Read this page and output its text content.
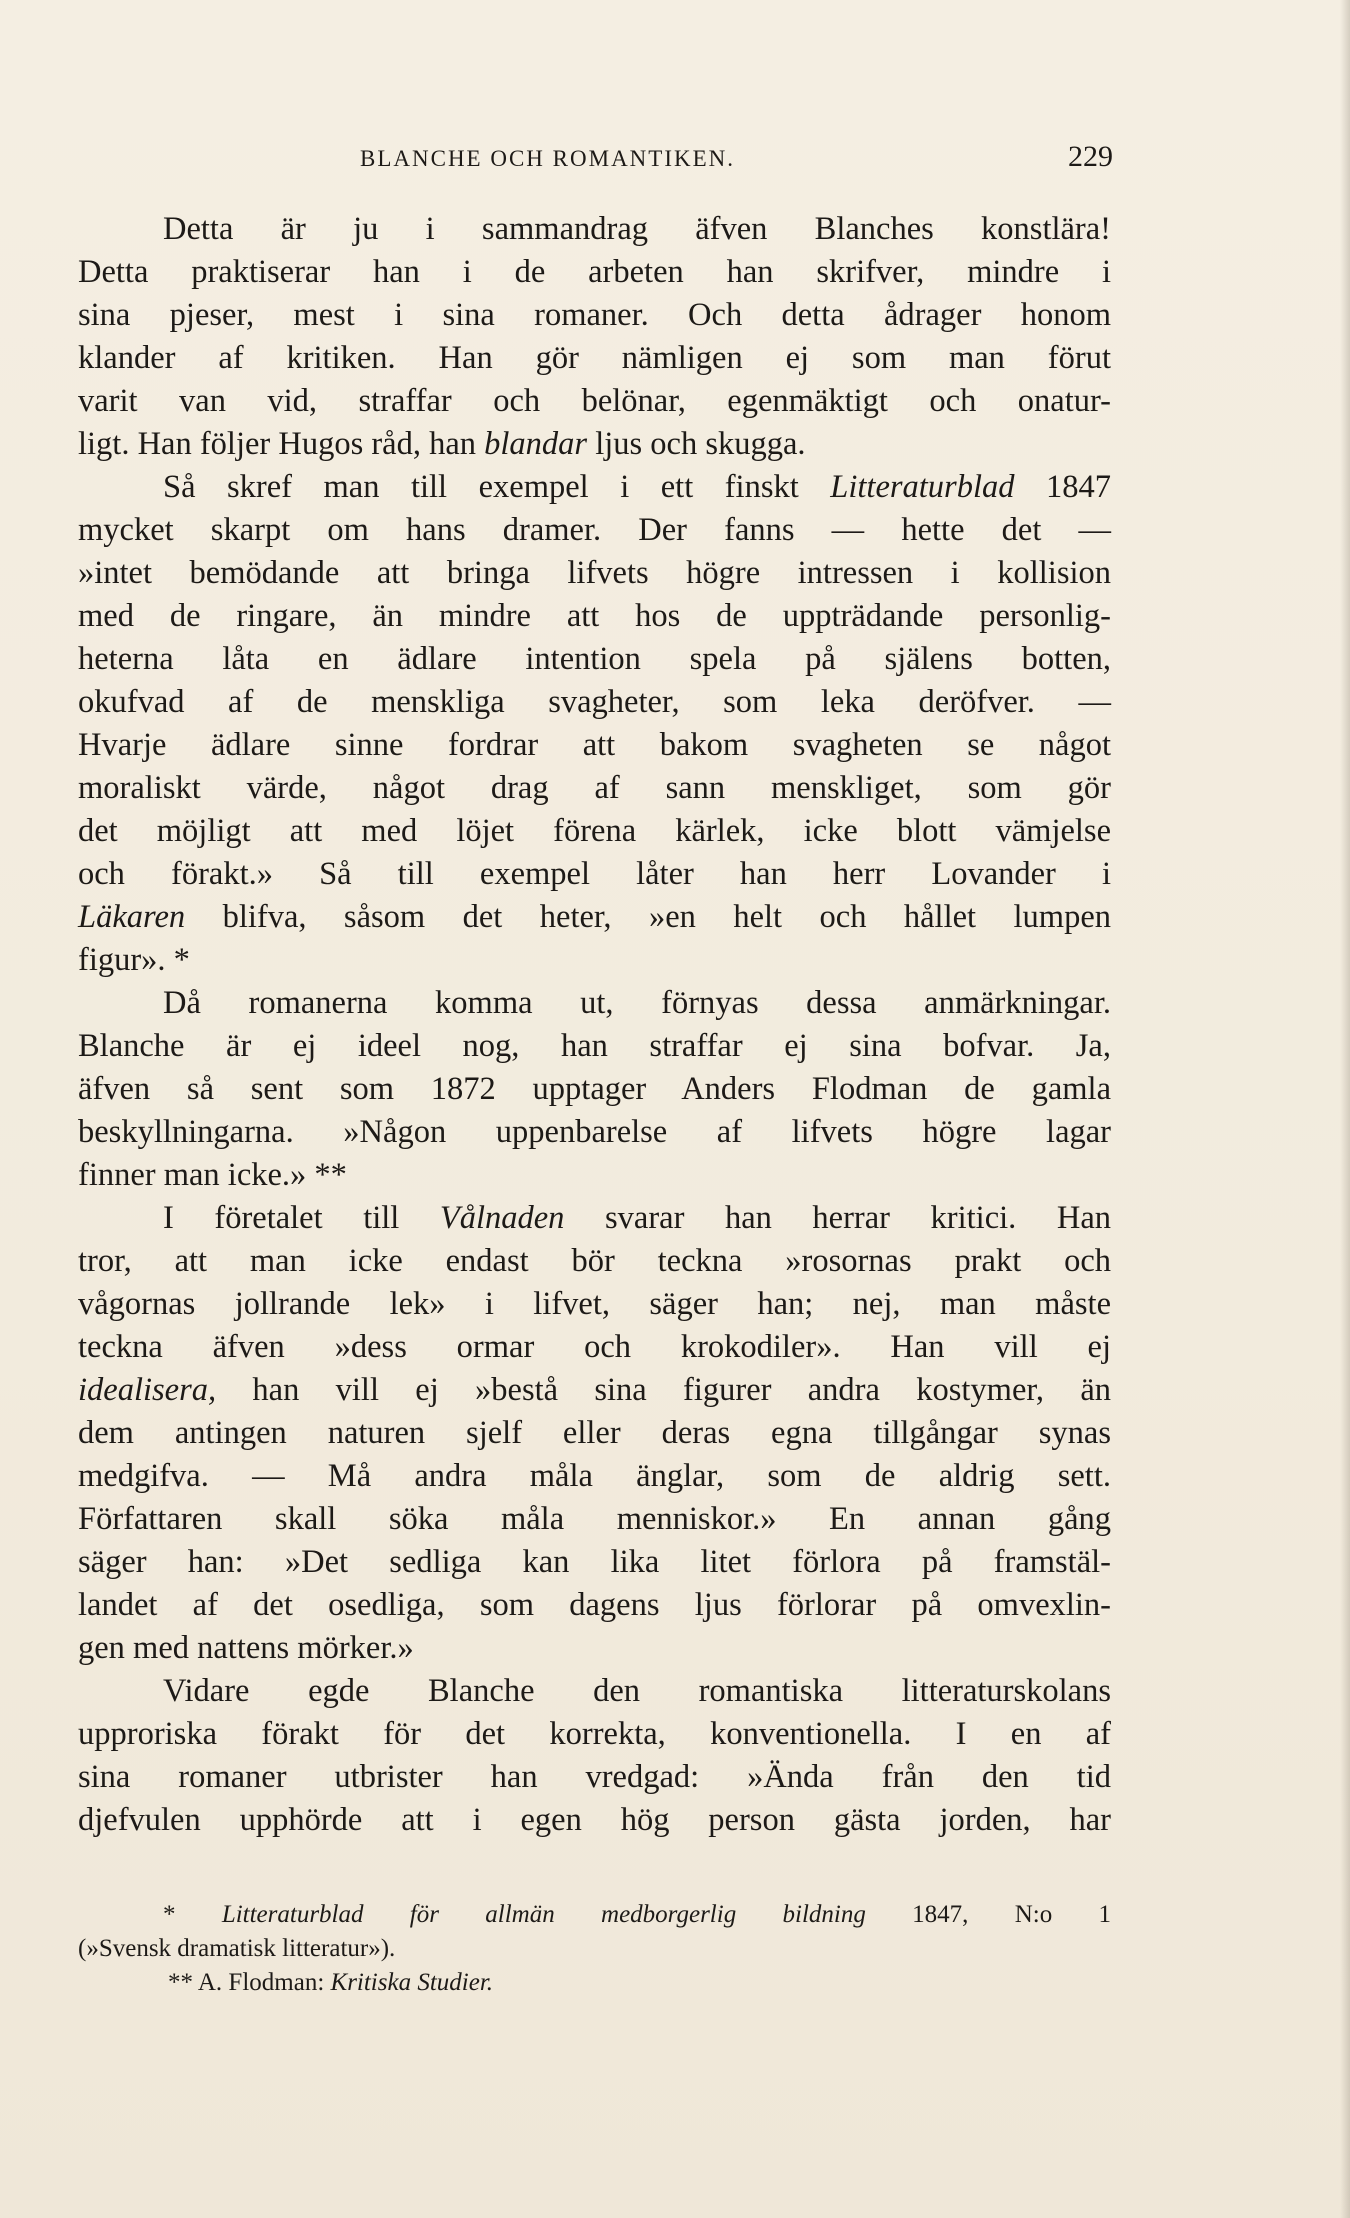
BLANCHE OCH ROMANTIKEN.	229
Detta är ju i sammandrag äfven Blanches konstlära!
Detta praktiserar han i de arbeten han skrifver, mindre i
sina pjeser, mest i sina romaner. Och detta ådrager honom
klander af kritiken. Han gör nämligen ej som man förut
varit van vid, straffar och belönar, egenmäktigt och onatur-
ligt. Han följer Hugos råd, han blandar ljus och skugga.
Så skref man till exempel i ett finskt Litteraturblad 1847
mycket skarpt om hans dramer. Der fanns — hette det —
»intet bemödande att bringa lifvets högre intressen i kollision
med de ringare, än mindre att hos de uppträdande personlig-
heterna låta en ädlare intention spela på själens botten,
okufvad af de menskliga svagheter, som leka deröfver. —
Hvarje ädlare sinne fordrar att bakom svagheten se något
moraliskt värde, något drag af sann menskliget, som gör
det möjligt att med löjet förena kärlek, icke blott vämjelse
och förakt.» Så till exempel låter han herr Lovander i
Läkaren blifva, såsom det heter, »en helt och hållet lumpen
figur». *
Då romanerna komma ut, förnyas dessa anmärkningar.
Blanche är ej ideel nog, han straffar ej sina bofvar. Ja,
äfven så sent som 1872 upptager Anders Flodman de gamla
beskyllningarna. »Någon uppenbarelse af lifvets högre lagar
finner man icke.» **
I företalet till Vålnaden svarar han herrar kritici. Han
tror, att man icke endast bör teckna »rosornas prakt och
vågornas jollrande lek» i lifvet, säger han; nej, man måste
teckna äfven »dess ormar och krokodiler». Han vill ej
idealisera, han vill ej »bestå sina figurer andra kostymer, än
dem antingen naturen sjelf eller deras egna tillgångar synas
medgifva. — Må andra måla änglar, som de aldrig sett.
Författaren skall söka måla menniskor.» En annan gång
säger han: »Det sedliga kan lika litet förlora på framstäl-
landet af det osedliga, som dagens ljus förlorar på omvexlin-
gen med nattens mörker.»
Vidare egde Blanche den romantiska litteraturskolans
upproriska förakt för det korrekta, konventionella. I en af
sina romaner utbrister han vredgad: »Ända från den tid
djefvulen upphörde att i egen hög person gästa jorden, har
* Litteraturblad för allmän medborgerlig bildning 1847, N:o 1
(»Svensk dramatisk litteratur»).
** A. Flodman: Kritiska Studier.
